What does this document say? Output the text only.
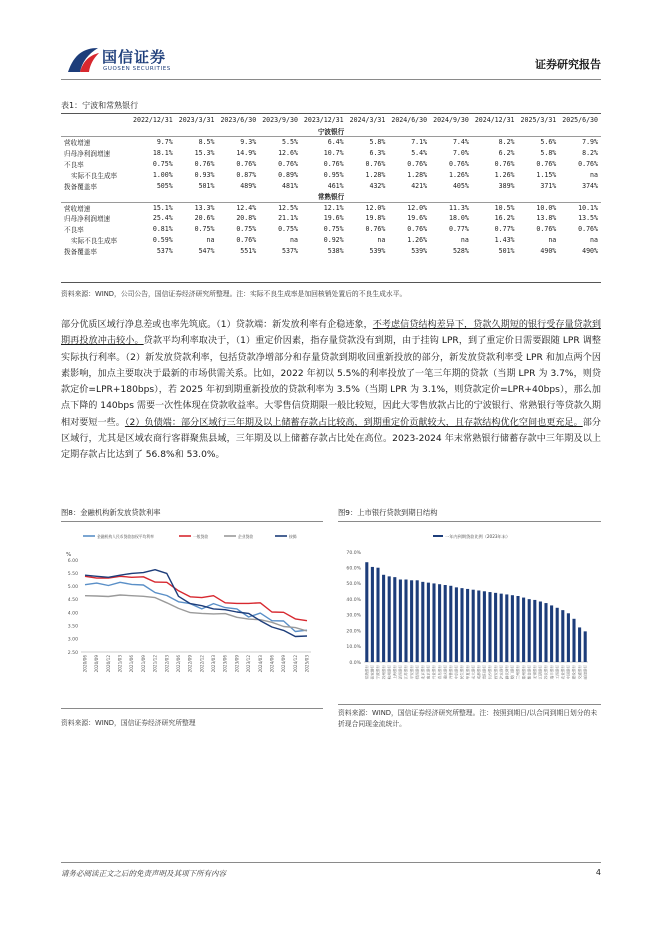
国信证券
GUOSEN SECURITIES	证券研究报告
表1：宁波和常熟银行
	2022/12/31	2023/3/31	2023/6/30	2023/9/30	2023/12/31	2024/3/31	2024/6/30	2024/9/30	2024/12/31	2025/3/31	2025/6/30
宁波银行											
营收增速	9.7%	8.5%	9.3%	5.5%	6.4%	5.8%	7.1%	7.4%	8.2%	5.6%	7.9%
归母净利润增速	18.1%	15.3%	14.9%	12.6%	10.7%	6.3%	5.4%	7.0%	6.2%	5.8%	8.2%
不良率	0.75%	0.76%	0.76%	0.76%	0.76%	0.76%	0.76%	0.76%	0.76%	0.76%	0.76%
实际不良生成率	1.00%	0.93%	0.87%	0.89%	0.95%	1.28%	1.28%	1.26%	1.26%	1.15%	na
拨备覆盖率	505%	501%	489%	481%	461%	432%	421%	405%	389%	371%	374%
常熟银行											
营收增速	15.1%	13.3%	12.4%	12.5%	12.1%	12.0%	12.0%	11.3%	10.5%	10.0%	10.1%
归母净利润增速	25.4%	20.6%	20.8%	21.1%	19.6%	19.8%	19.6%	18.0%	16.2%	13.8%	13.5%
不良率	0.81%	0.75%	0.75%	0.75%	0.75%	0.76%	0.76%	0.77%	0.77%	0.76%	0.76%
实际不良生成率	0.59%	na	0.76%	na	0.92%	na	1.26%	na	1.43%	na	na
拨备覆盖率	537%	547%	551%	537%	538%	539%	539%	528%	501%	490%	490%
资料来源：WIND，公司公告，国信证券经济研究所整理。注：实际不良生成率是加回核销处置后的不良生成水平。
部分优质区域行净息差或也率先筑底。（1）贷款端：新发放利率有企稳迹象，不考虑信贷结构差异下，贷款久期短的银行受存量贷款到期再投放冲击较小。贷款平均利率取决于，（1）重定价因素，指存量贷款没有到期，由于挂钩 LPR，到了重定价日需要跟随 LPR 调整实际执行利率。（2）新发放贷款利率，包括贷款净增部分和存量贷款到期收回重新投放的部分，新发放贷款利率受 LPR 和加点两个因素影响，加点主要取决于最新的市场供需关系。比如，2022 年初以 5.5%的利率投放了一笔三年期的贷款（当期 LPR 为 3.7%，则贷款定价=LPR+180bps），若 2025 年初到期重新投放的贷款利率为 3.5%（当期 LPR 为 3.1%，则贷款定价=LPR+40bps），那么加点下降的 140bps 需要一次性体现在贷款收益率。大零售信贷期限一般比较短，因此大零售放款占比的宁波银行、常熟银行等贷款久期相对要短一些。（2）负债端：部分区域行三年期及以上储蓄存款占比较高，到期重定价贡献较大，且存款结构优化空间也更充足。部分区域行，尤其是区域农商行客群聚焦县域，三年期及以上储蓄存款占比处在高位。2023-2024 年末常熟银行储蓄存款中三年期及以上定期存款占比达到了 56.8%和 53.0%。
图8：金融机构新发放贷款利率
金融机构人民币贷款加权平均利率	一般贷款	企业贷款	按揭
%
2.50
3.00
3.50
4.00
4.50
5.00
5.50
6.00
2020/06 2020/09 2020/12 2021/03 2021/06 2021/09 2021/12 2022/03 2022/06 2022/09 2022/12 2023/03 2023/06 2023/09 2023/12 2024/03 2024/06 2024/09 2024/12 2025/03
资料来源：WIND，国信证券经济研究所整理
图9：上市银行贷款到期日结构
一年内到期贷款比例（2023年末）
0.0%
10.0%
20.0%
30.0%
40.0%
50.0%
60.0%
70.0%
常熟银行 张家港行 宁波银行 苏州银行 杭州银行 上海银行 浙商银行 江苏银行 平安银行 招商银行 北京银行 南京银行 兴业银行 青岛银行 重庆银行 齐鲁银行 中信银行 民生银行 华夏银行 光大银行 成都银行 贵阳银行 长沙银行 西安银行 沪农商行 渝农商行 厦门银行 兰州银行 郑州银行 紫金银行 无锡银行 江阴银行 苏农银行 瑞丰银行 工商银行 农业银行 中国银行 建设银行 交通银行 邮储银行
资料来源：WIND，国信证券经济研究所整理。注：按照到期日/以合同到期日划分的未折现合同现金流统计。
请务必阅读正文之后的免责声明及其项下所有内容	4
